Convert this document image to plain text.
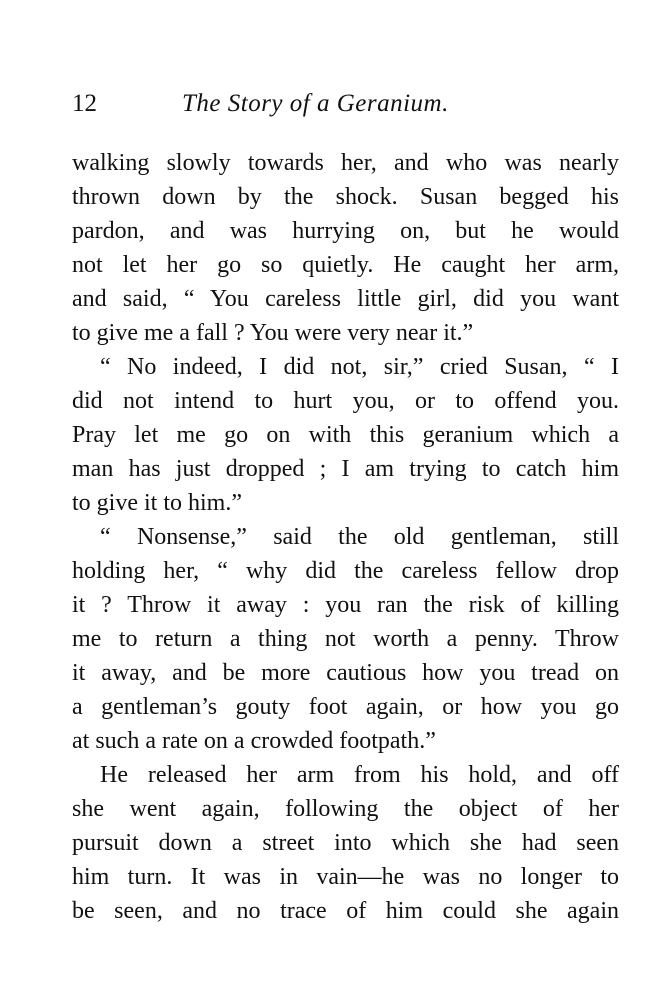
12	The Story of a Geranium.
walking slowly towards her, and who was nearly
thrown down by the shock. Susan begged his
pardon, and was hurrying on, but he would
not let her go so quietly. He caught her arm,
and said, “ You careless little girl, did you want
to give me a fall ? You were very near it.”
“ No indeed, I did not, sir,” cried Susan, “ I
did not intend to hurt you, or to offend you.
Pray let me go on with this geranium which a
man has just dropped ; I am trying to catch him
to give it to him.”
“ Nonsense,” said the old gentleman, still
holding her, “ why did the careless fellow drop
it ? Throw it away : you ran the risk of killing
me to return a thing not worth a penny. Throw
it away, and be more cautious how you tread on
a gentleman’s gouty foot again, or how you go
at such a rate on a crowded footpath.”
He released her arm from his hold, and off
she went again, following the object of her
pursuit down a street into which she had seen
him turn. It was in vain—he was no longer to
be seen, and no trace of him could she again
